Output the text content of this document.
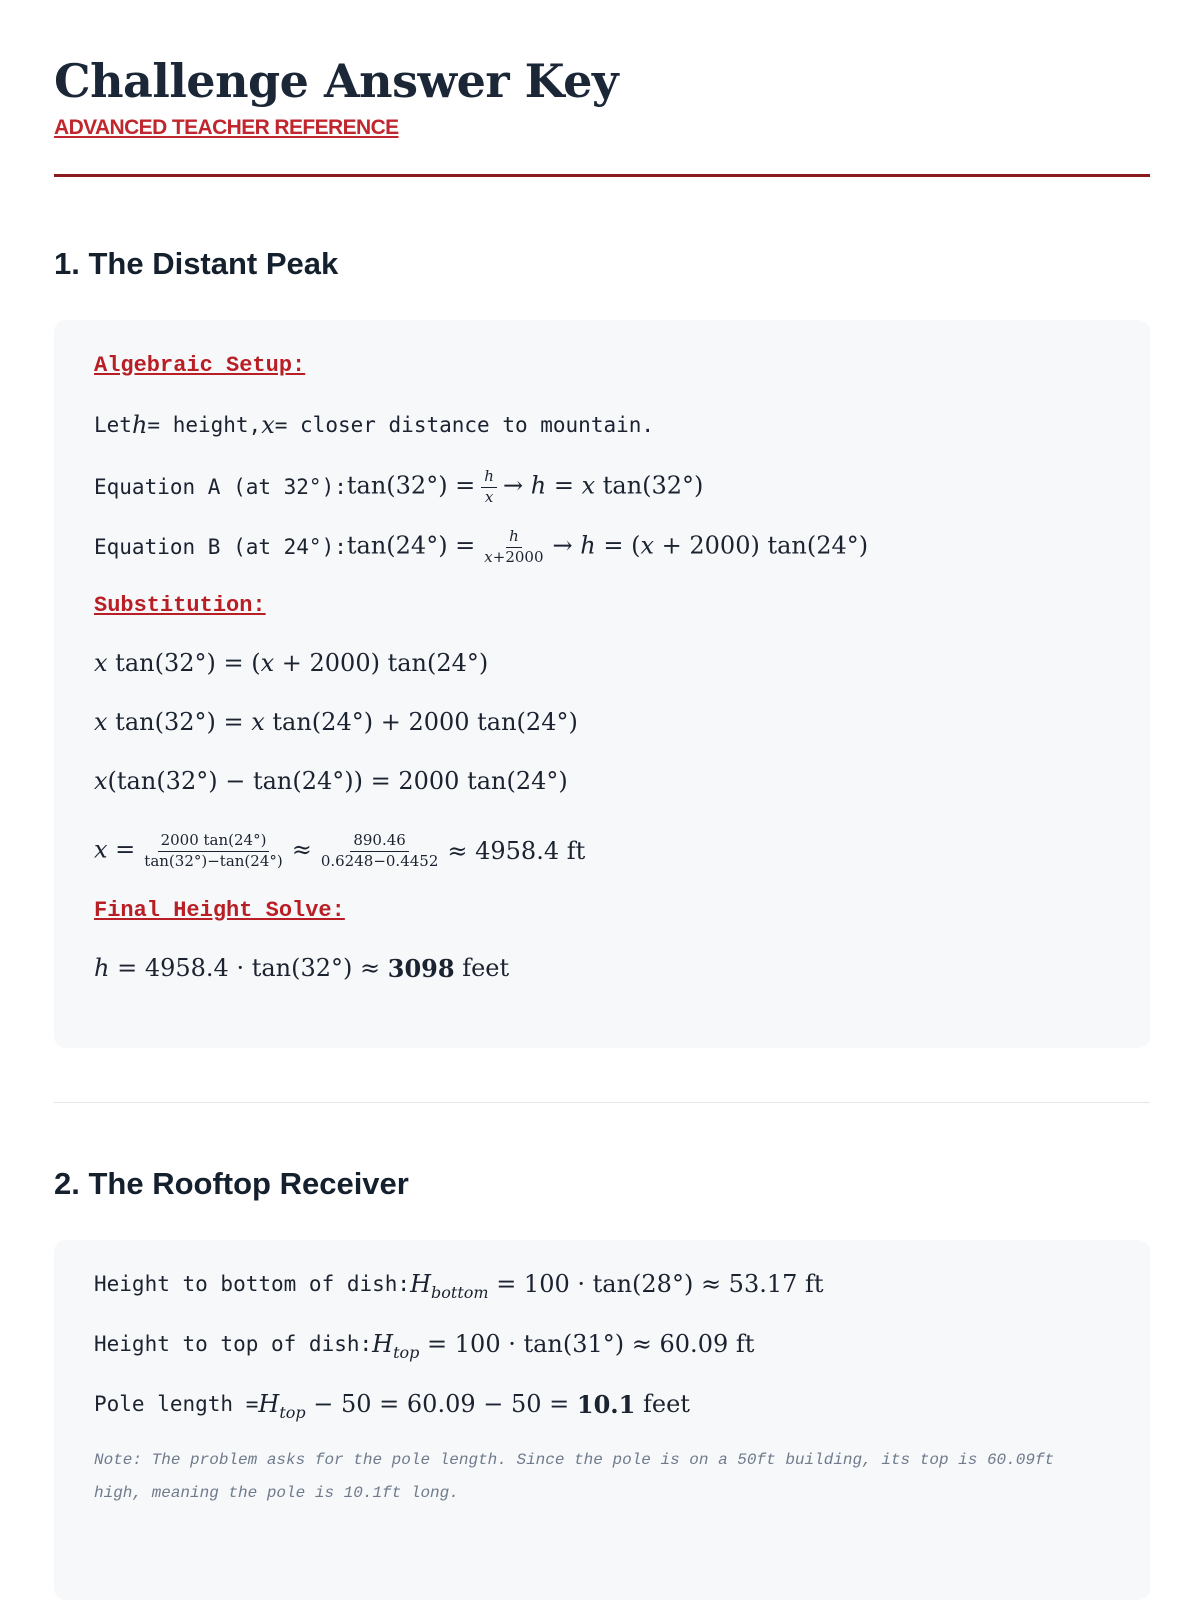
Challenge Answer Key
ADVANCED TEACHER REFERENCE
1. The Distant Peak
Algebraic Setup:
Let h = height, x = closer distance to mountain.
Equation A (at 32°): $\tan(32^\circ) = \frac{h}{x} \to h = x$ tan(32°)
Equation B (at 24°): $\tan(24^\circ) = \frac{h}{x+2000} \to h = (x + 2000)$ tan(24°)
Substitution:
x tan(32°) = (x + 2000) tan(24°)
x tan(32°) = x tan(24°) + 2000 tan(24°)
x(tan(32°) − tan(24°)) = 2000 tan(24°)
$x = \frac{2000 \tan(24^\circ)}{\tan(32^\circ)-\tan(24^\circ)} \approx \frac{890.46}{0.6248-0.4452} \approx 4958.4$ ft
Final Height Solve:
h = 4958.4 · tan(32°) ≈ 3098
feet
2. The Rooftop Receiver
Height to bottom of dish: $H_{bottom} = 100 \cdot \tan(28^\circ) \approx 53.17$ ft
Height to top of dish: $H_{top} = 100 \cdot \tan(31^\circ) \approx 60.09$ ft
Pole length = $H_{top} - 50 = 60.09 - 50 = 10.1$
feet
Note: The problem asks for the pole length. Since the pole is on a 50ft building, its top is 60.09ft high, meaning the pole is 10.1ft long.
